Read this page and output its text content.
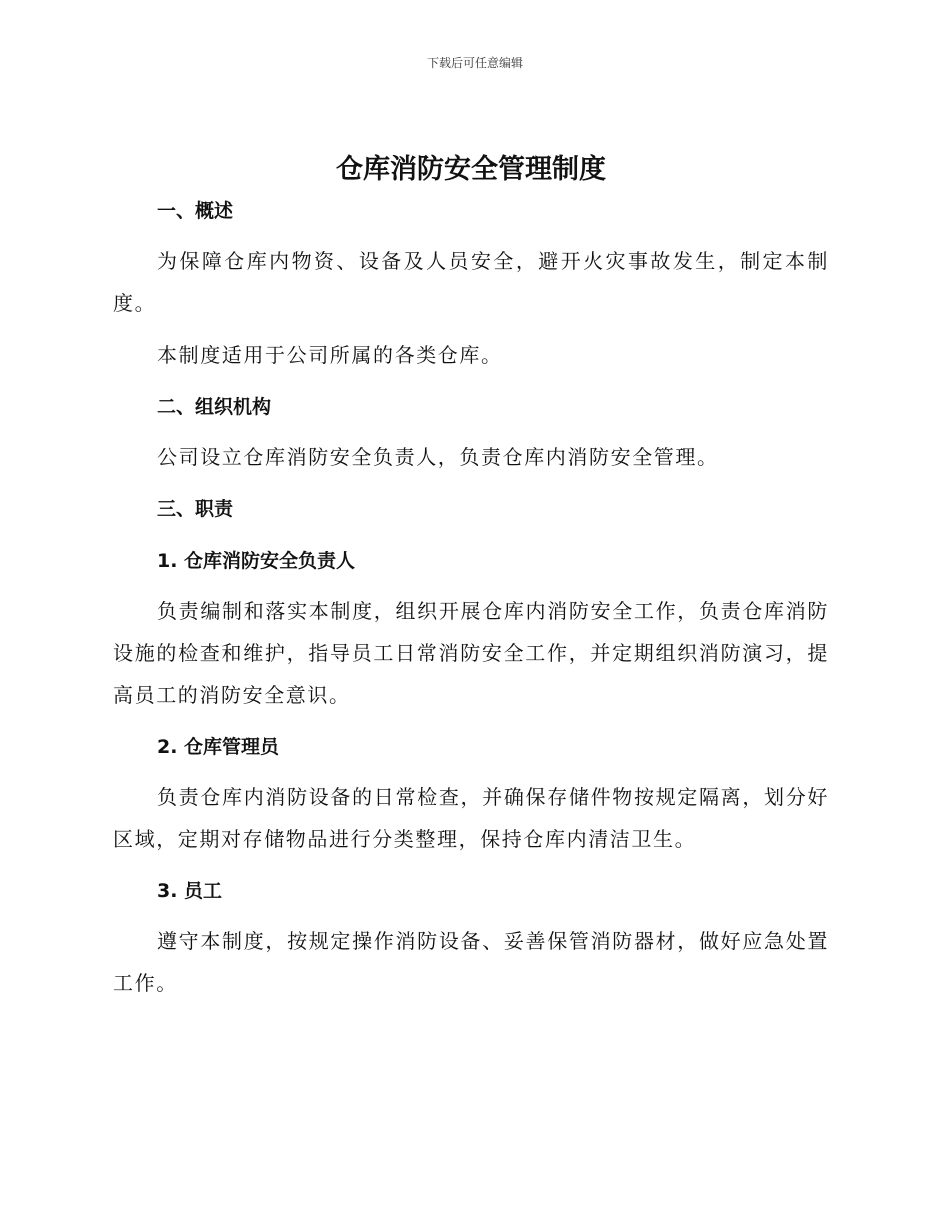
下载后可任意编辑
仓库消防安全管理制度
一、概述

为保障仓库内物资、设备及人员安全，避开火灾事故发生，制定本制度。

本制度适用于公司所属的各类仓库。

二、组织机构

公司设立仓库消防安全负责人，负责仓库内消防安全管理。

三、职责
1. 仓库消防安全负责人

负责编制和落实本制度，组织开展仓库内消防安全工作，负责仓库消防设施的检查和维护，指导员工日常消防安全工作，并定期组织消防演习，提高员工的消防安全意识。

2. 仓库管理员

负责仓库内消防设备的日常检查，并确保存储件物按规定隔离，划分好区域，定期对存储物品进行分类整理，保持仓库内清洁卫生。

3. 员工

遵守本制度，按规定操作消防设备、妥善保管消防器材，做好应急处置工作。
